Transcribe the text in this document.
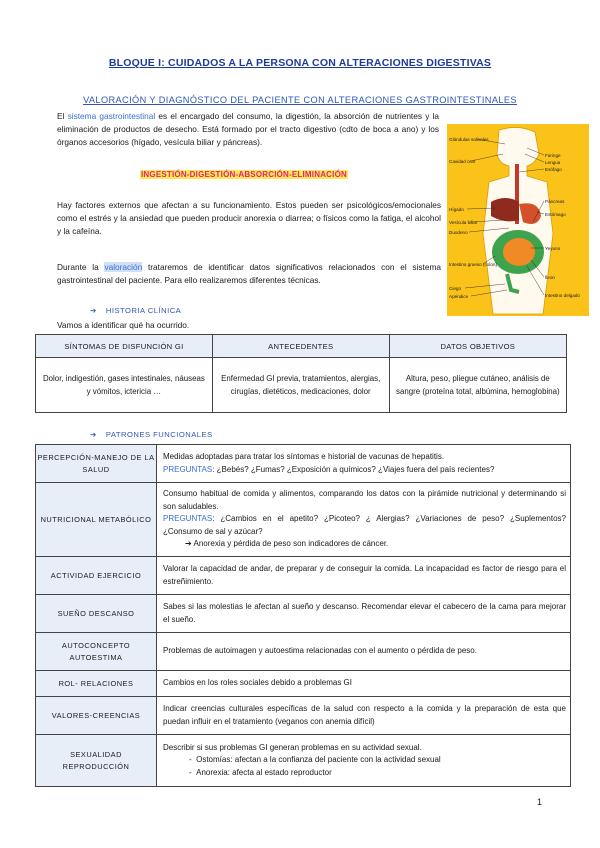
BLOQUE I: CUIDADOS A LA PERSONA CON ALTERACIONES DIGESTIVAS
VALORACIÓN Y DIAGNÓSTICO DEL PACIENTE CON ALTERACIONES GASTROINTESTINALES
El sistema gastrointestinal es el encargado del consumo, la digestión, la absorción de nutrientes y la eliminación de productos de desecho. Está formado por el tracto digestivo (cdto de boca a ano) y los órganos accesorios (hígado, vesícula biliar y páncreas).
INGESTIÓN-DIGESTIÓN-ABSORCIÓN-ELIMINACIÓN
Hay factores externos que afectan a su funcionamiento. Estos pueden ser psicológicos/emocionales como el estrés y la ansiedad que pueden producir anorexia o diarrea; o físicos como la fatiga, el alcohol y la cafeína.
Durante la valoración trataremos de identificar datos significativos relacionados con el sistema gastrointestinal del paciente. Para ello realizaremos diferentes técnicas.
Glándulas salivales
Cavidad oral
Hígado
Vesícula biliar
Duodeno
Intestino grueso (colon)
Ciego
Apéndice
Faringe
Lengua
Esófago
Páncreas
Estómago
Yeyuno
Íleon
Intestino delgado
➔ HISTORIA CLÍNICA
Vamos a identificar qué ha ocurrido.
SÍNTOMAS DE DISFUNCIÓN GI	ANTECEDENTES	DATOS OBJETIVOS
Dolor, indigestión, gases intestinales, náuseas y vómitos, ictericia …	Enfermedad GI previa, tratamientos, alergias, cirugías, dietéticos, medicaciones, dolor	Altura, peso, pliegue cutáneo, análisis de sangre (proteína total, albúmina, hemoglobina)
➔ PATRONES FUNCIONALES
PERCEPCIÓN-MANEJO DE LA SALUD	Medidas adoptadas para tratar los síntomas e historial de vacunas de hepatitis.
PREGUNTAS: ¿Bebés? ¿Fumas? ¿Exposición a químicos? ¿Viajes fuera del país recientes?

NUTRICIONAL METABÓLICO	Consumo habitual de comida y alimentos, comparando los datos con la pirámide nutricional y determinando si son saludables.
PREGUNTAS: ¿Cambios en el apetito? ¿Picoteo? ¿ Alergias? ¿Variaciones de peso? ¿Suplementos? ¿Consumo de sal y azúcar?
➔ Anorexia y pérdida de peso son indicadores de cáncer.

ACTIVIDAD EJERCICIO	Valorar la capacidad de andar, de preparar y de conseguir la comida. La incapacidad es factor de riesgo para el estreñimiento.
SUEÑO DESCANSO	Sabes si las molestias le afectan al sueño y descanso. Recomendar elevar el cabecero de la cama para mejorar el sueño.
AUTOCONCEPTO AUTOESTIMA	Problemas de autoimagen y autoestima relacionadas con el aumento o pérdida de peso.
ROL- RELACIONES	Cambios en los roles sociales debido a problemas GI
VALORES-CREENCIAS	Indicar creencias culturales específicas de la salud con respecto a la comida y la preparación de esta que puedan influir en el tratamiento (veganos con anemia difícil)
SEXUALIDAD REPRODUCCIÓN	Describir si sus problemas GI generan problemas en su actividad sexual.
-  Ostomías: afectan a la confianza del paciente con la actividad sexual
-  Anorexia: afecta al estado reproductor
1
